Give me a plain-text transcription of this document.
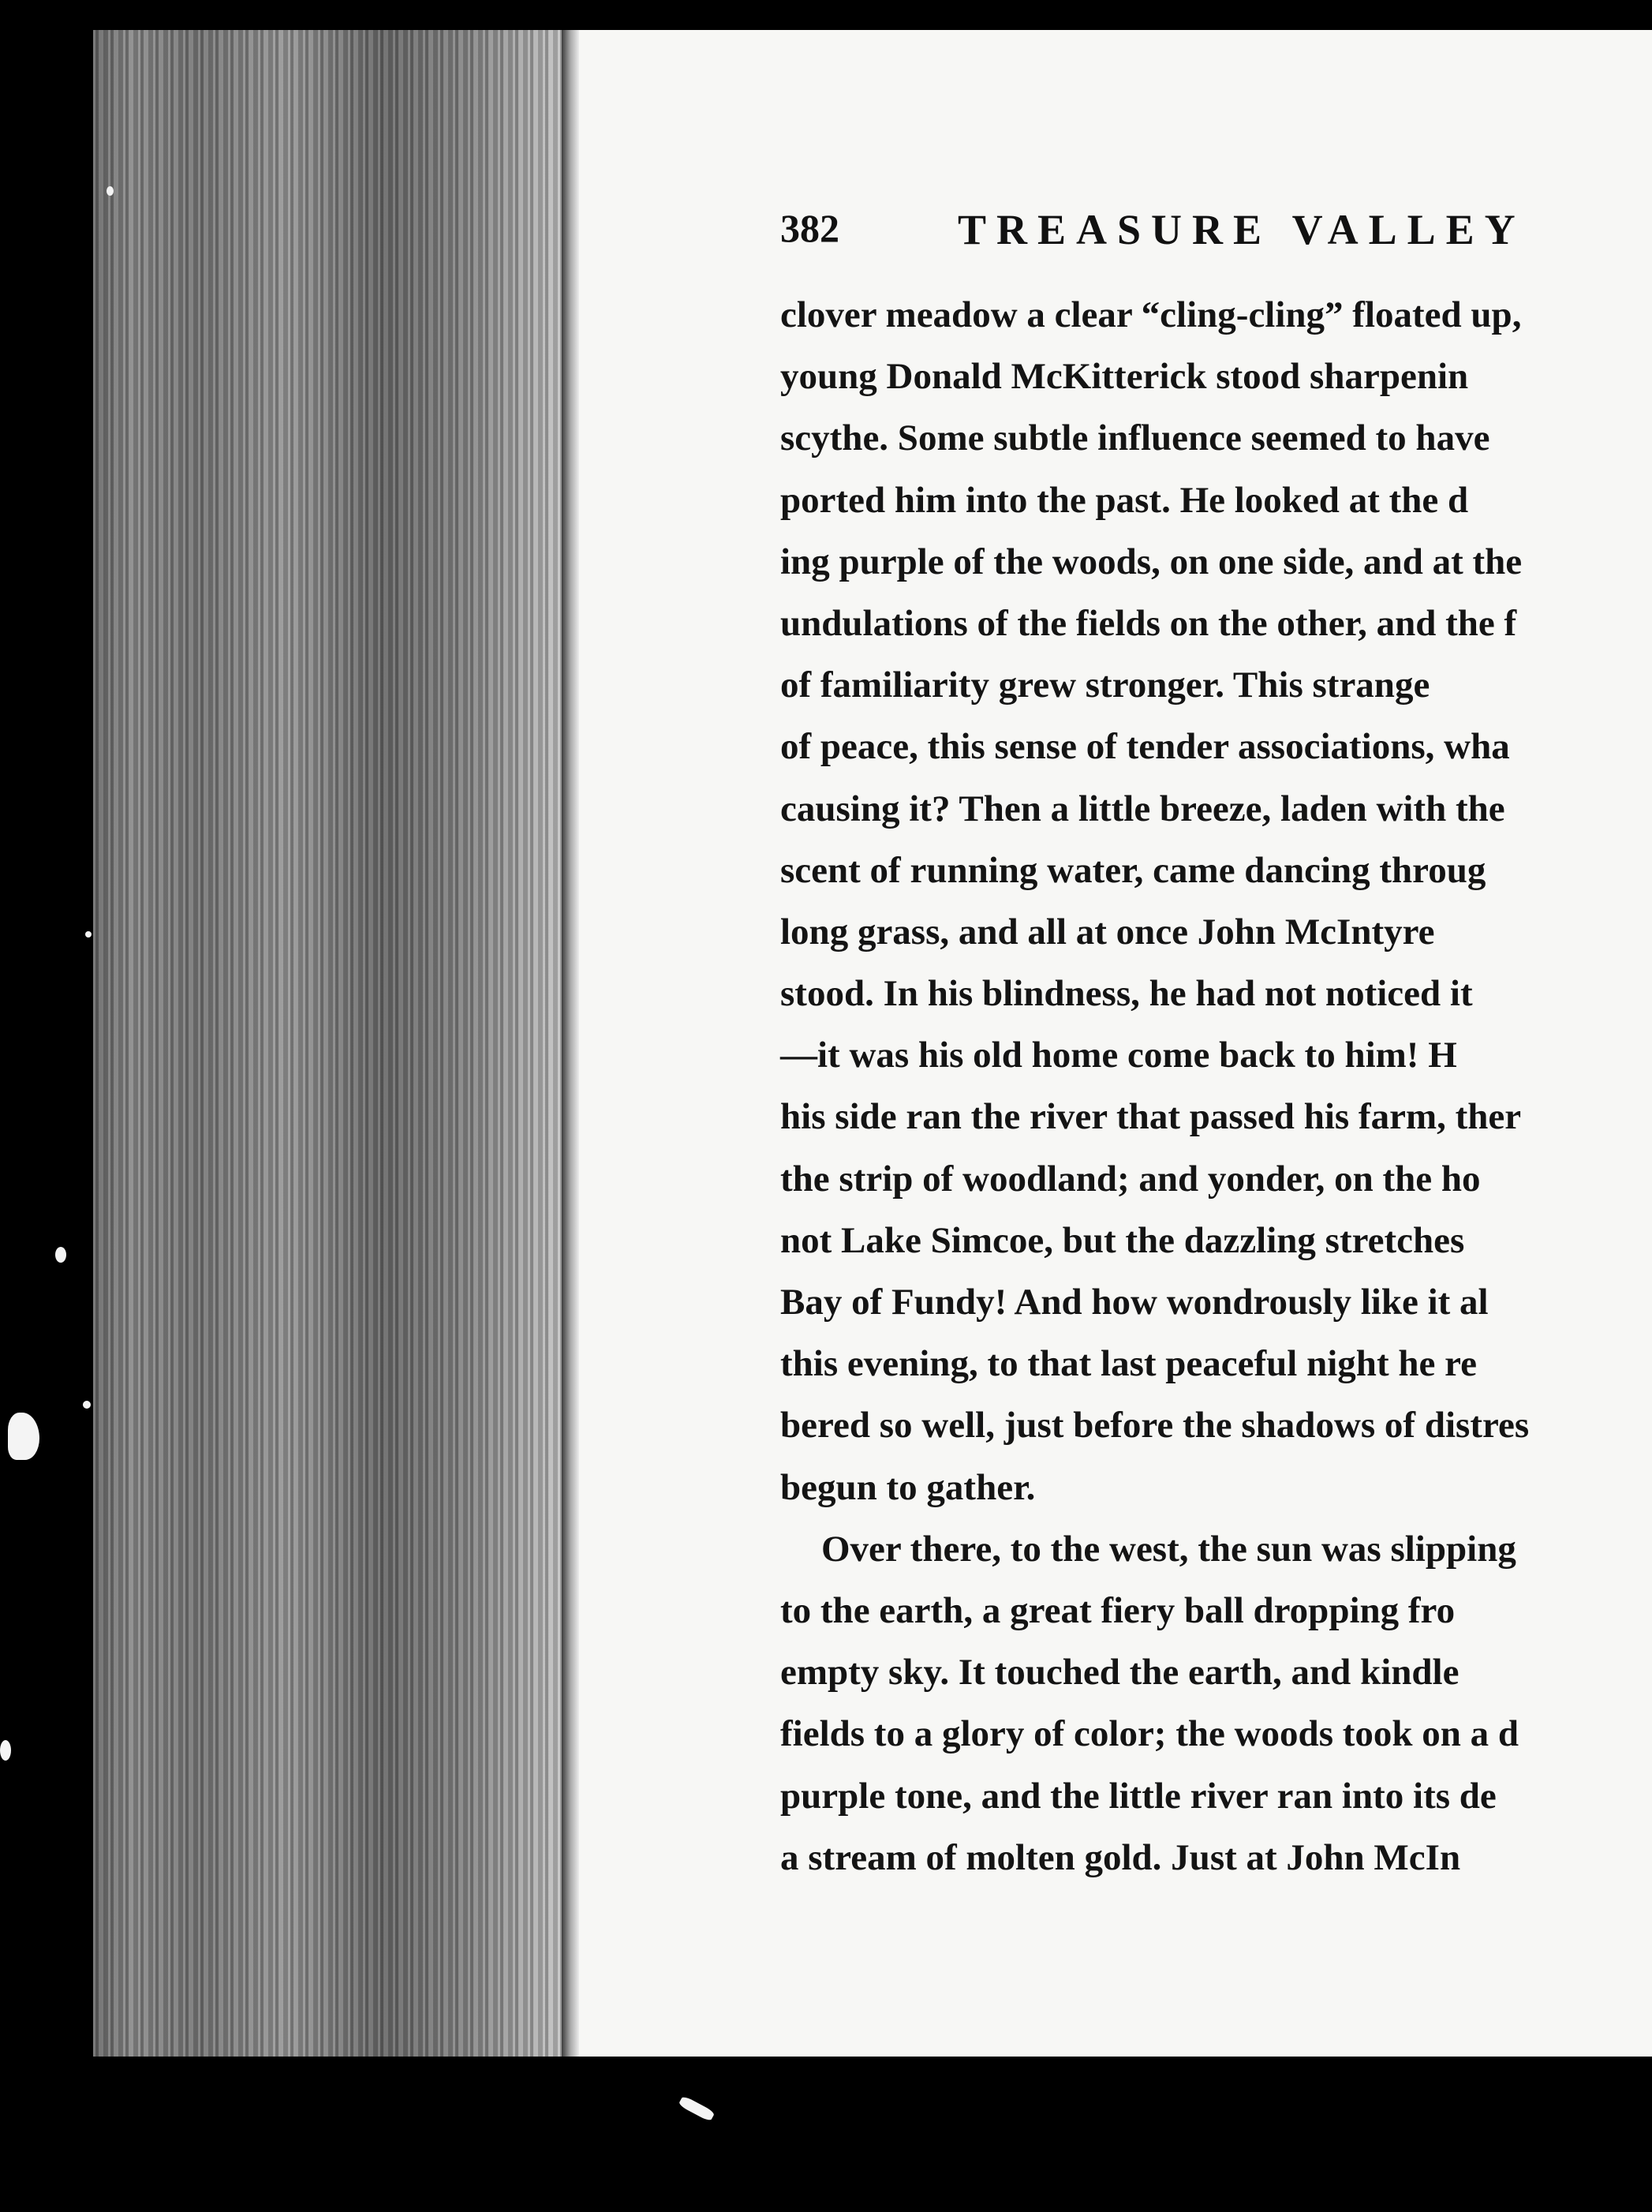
382	TREASURE VALLEY
clover meadow a clear “cling-cling” floated up,
young Donald McKitterick stood sharpenin
scythe. Some subtle influence seemed to have
ported him into the past. He looked at the d
ing purple of the woods, on one side, and at the
undulations of the fields on the other, and the f
of familiarity grew stronger. This strange
of peace, this sense of tender associations, wha
causing it? Then a little breeze, laden with the
scent of running water, came dancing throug
long grass, and all at once John McIntyre
stood. In his blindness, he had not noticed it
—it was his old home come back to him! H
his side ran the river that passed his farm, ther
the strip of woodland; and yonder, on the ho
not Lake Simcoe, but the dazzling stretches
Bay of Fundy! And how wondrously like it al
this evening, to that last peaceful night he re
bered so well, just before the shadows of distres
begun to gather.
Over there, to the west, the sun was slipping
to the earth, a great fiery ball dropping fro
empty sky. It touched the earth, and kindle
fields to a glory of color; the woods took on a d
purple tone, and the little river ran into its de
a stream of molten gold. Just at John McIn
